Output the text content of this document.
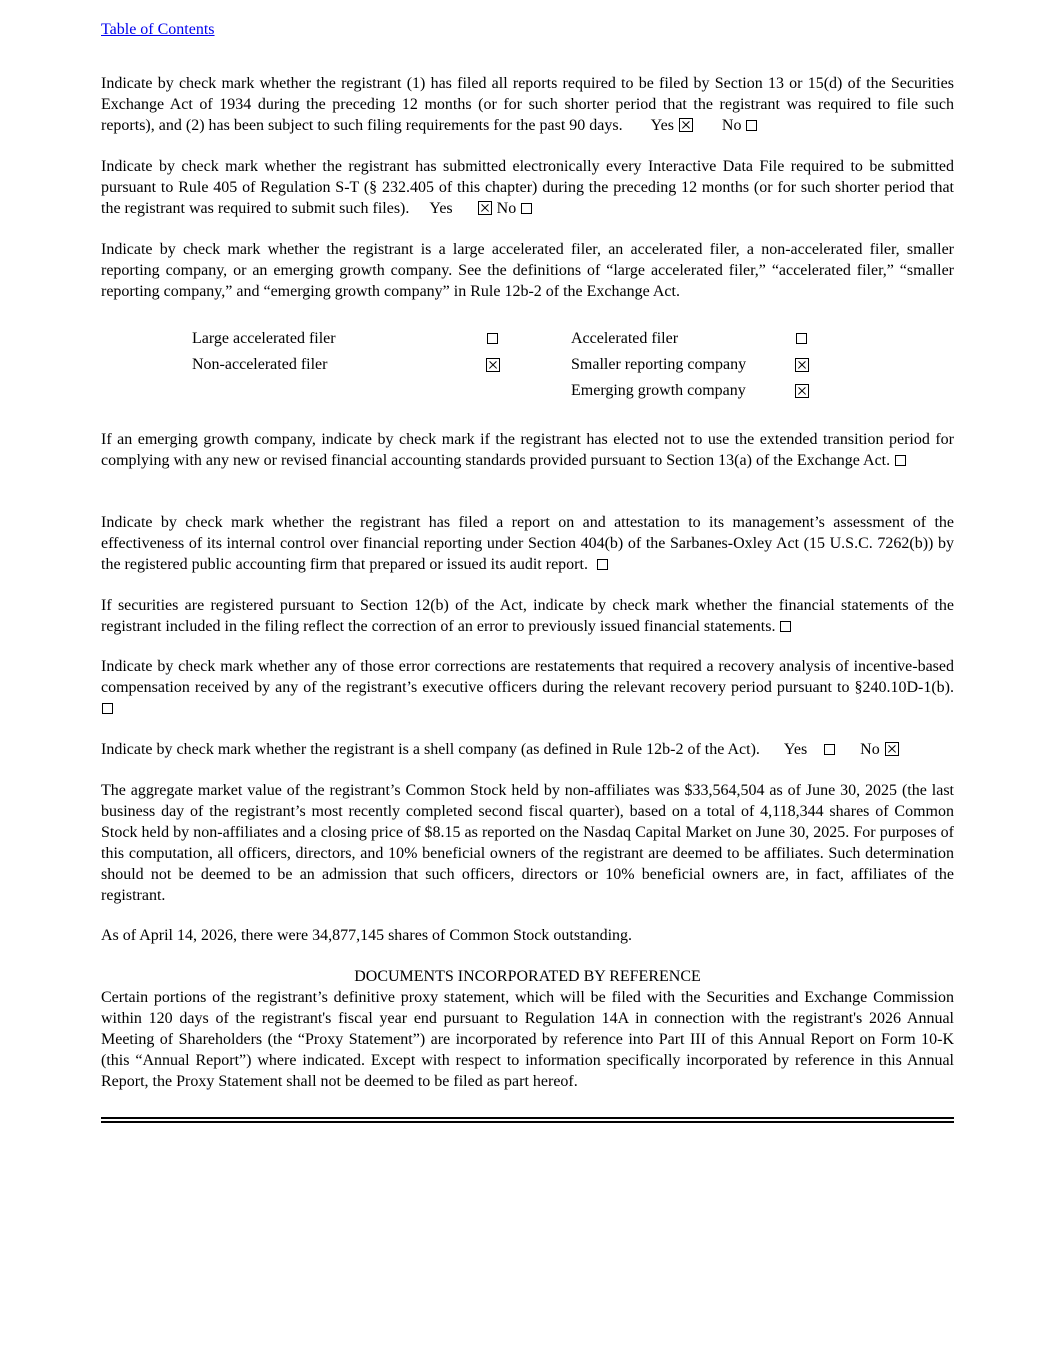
Table of Contents

Indicate by check mark whether the registrant (1) has filed all reports required to be filed by Section 13 or 15(d) of the Securities Exchange Act of 1934 during the preceding 12 months (or for such shorter period that the registrant was required to file such reports), and (2) has been subject to such filing requirements for the past 90 days. Yes	No

Indicate by check mark whether the registrant has submitted electronically every Interactive Data File required to be submitted pursuant to Rule 405 of Regulation S-T (§ 232.405 of this chapter) during the preceding 12 months (or for such shorter period that the registrant was required to submit such files). Yes	No

Indicate by check mark whether the registrant is a large accelerated filer, an accelerated filer, a non-accelerated filer, smaller reporting company, or an emerging growth company. See the definitions of “large accelerated filer,” “accelerated filer,” “smaller reporting company,” and “emerging growth company” in Rule 12b-2 of the Exchange Act.

Large accelerated filer	Accelerated filer
Non-accelerated filer	Smaller reporting company
Emerging growth company

If an emerging growth company, indicate by check mark if the registrant has elected not to use the extended transition period for complying with any new or revised financial accounting standards provided pursuant to Section 13(a) of the Exchange Act.

Indicate by check mark whether the registrant has filed a report on and attestation to its management’s assessment of the effectiveness of its internal control over financial reporting under Section 404(b) of the Sarbanes-Oxley Act (15 U.S.C. 7262(b)) by the registered public accounting firm that prepared or issued its audit report.

If securities are registered pursuant to Section 12(b) of the Act, indicate by check mark whether the financial statements of the registrant included in the filing reflect the correction of an error to previously issued financial statements.

Indicate by check mark whether any of those error corrections are restatements that required a recovery analysis of incentive-based compensation received by any of the registrant’s executive officers during the relevant recovery period pursuant to §240.10D-1(b).

Indicate by check mark whether the registrant is a shell company (as defined in Rule 12b-2 of the Act). Yes	No

The aggregate market value of the registrant’s Common Stock held by non-affiliates was $33,564,504 as of June 30, 2025 (the last business day of the registrant’s most recently completed second fiscal quarter), based on a total of 4,118,344 shares of Common Stock held by non-affiliates and a closing price of $8.15 as reported on the Nasdaq Capital Market on June 30, 2025. For purposes of this computation, all officers, directors, and 10% beneficial owners of the registrant are deemed to be affiliates. Such determination should not be deemed to be an admission that such officers, directors or 10% beneficial owners are, in fact, affiliates of the registrant.

As of April 14, 2026, there were 34,877,145 shares of Common Stock outstanding.

DOCUMENTS INCORPORATED BY REFERENCE

Certain portions of the registrant’s definitive proxy statement, which will be filed with the Securities and Exchange Commission within 120 days of the registrant's fiscal year end pursuant to Regulation 14A in connection with the registrant's 2026 Annual Meeting of Shareholders (the “Proxy Statement”) are incorporated by reference into Part III of this Annual Report on Form 10-K (this “Annual Report”) where indicated. Except with respect to information specifically incorporated by reference in this Annual Report, the Proxy Statement shall not be deemed to be filed as part hereof.
